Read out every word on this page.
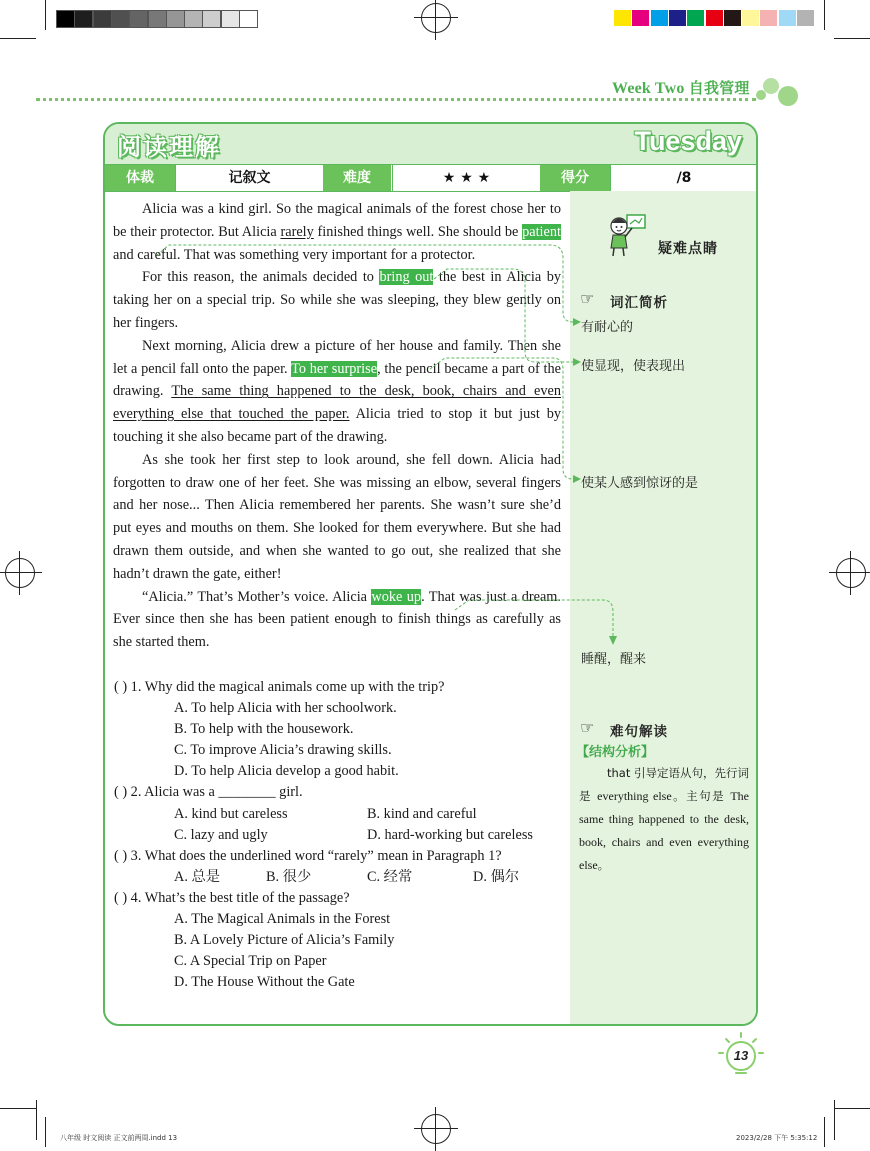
Week Two 自我管理
阅读理解	Tuesday
体裁	记叙文	难度	★ ★ ★	得分	/8

Alicia was a kind girl. So the magical animals of the forest chose her to be their protector. But Alicia rarely finished things well. She should be patient and careful. That was something very important for a protector.

For this reason, the animals decided to bring out the best in Alicia by taking her on a special trip. So while she was sleeping, they blew gently on her fingers.

Next morning, Alicia drew a picture of her house and family. Then she let a pencil fall onto the paper. To her surprise, the pencil became a part of the drawing. The same thing happened to the desk, book, chairs and even everything else that touched the paper. Alicia tried to stop it but just by touching it she also became part of the drawing.

As she took her first step to look around, she fell down. Alicia had forgotten to draw one of her feet. She was missing an elbow, several fingers and her nose... Then Alicia remembered her parents. She wasn’t sure she’d put eyes and mouths on them. She looked for them everywhere. But she had drawn them outside, and when she wanted to go out, she realized that she hadn’t drawn the gate, either!

“Alicia.” That’s Mother’s voice. Alicia woke up. That was just a dream. Ever since then she has been patient enough to finish things as carefully as she started them.

( ) 1. Why did the magical animals come up with the trip?
A. To help Alicia with her schoolwork.
B. To help with the housework.
C. To improve Alicia’s drawing skills.
D. To help Alicia develop a good habit.
( ) 2. Alicia was a ________ girl.
A. kind but careless	B. kind and careful
C. lazy and ugly	D. hard-working but careless
( ) 3. What does the underlined word “rarely” mean in Paragraph 1?
A. 总是	B. 很少	C. 经常	D. 偶尔
( ) 4. What’s the best title of the passage?
A. The Magical Animals in the Forest
B. A Lovely Picture of Alicia’s Family
C. A Special Trip on Paper
D. The House Without the Gate
疑难点睛
☞ 词汇简析
有耐心的
使显现，使表现出
使某人感到惊讶的是
睡醒，醒来
☞ 难句解读
【结构分析】
that 引导定语从句，先行词是 everything else。主句是 The same thing happened to the desk, book, chairs and even everything else。
13
八年级 时文阅读 正文前两周.indd 13	2023/2/28 下午 5:35:12
